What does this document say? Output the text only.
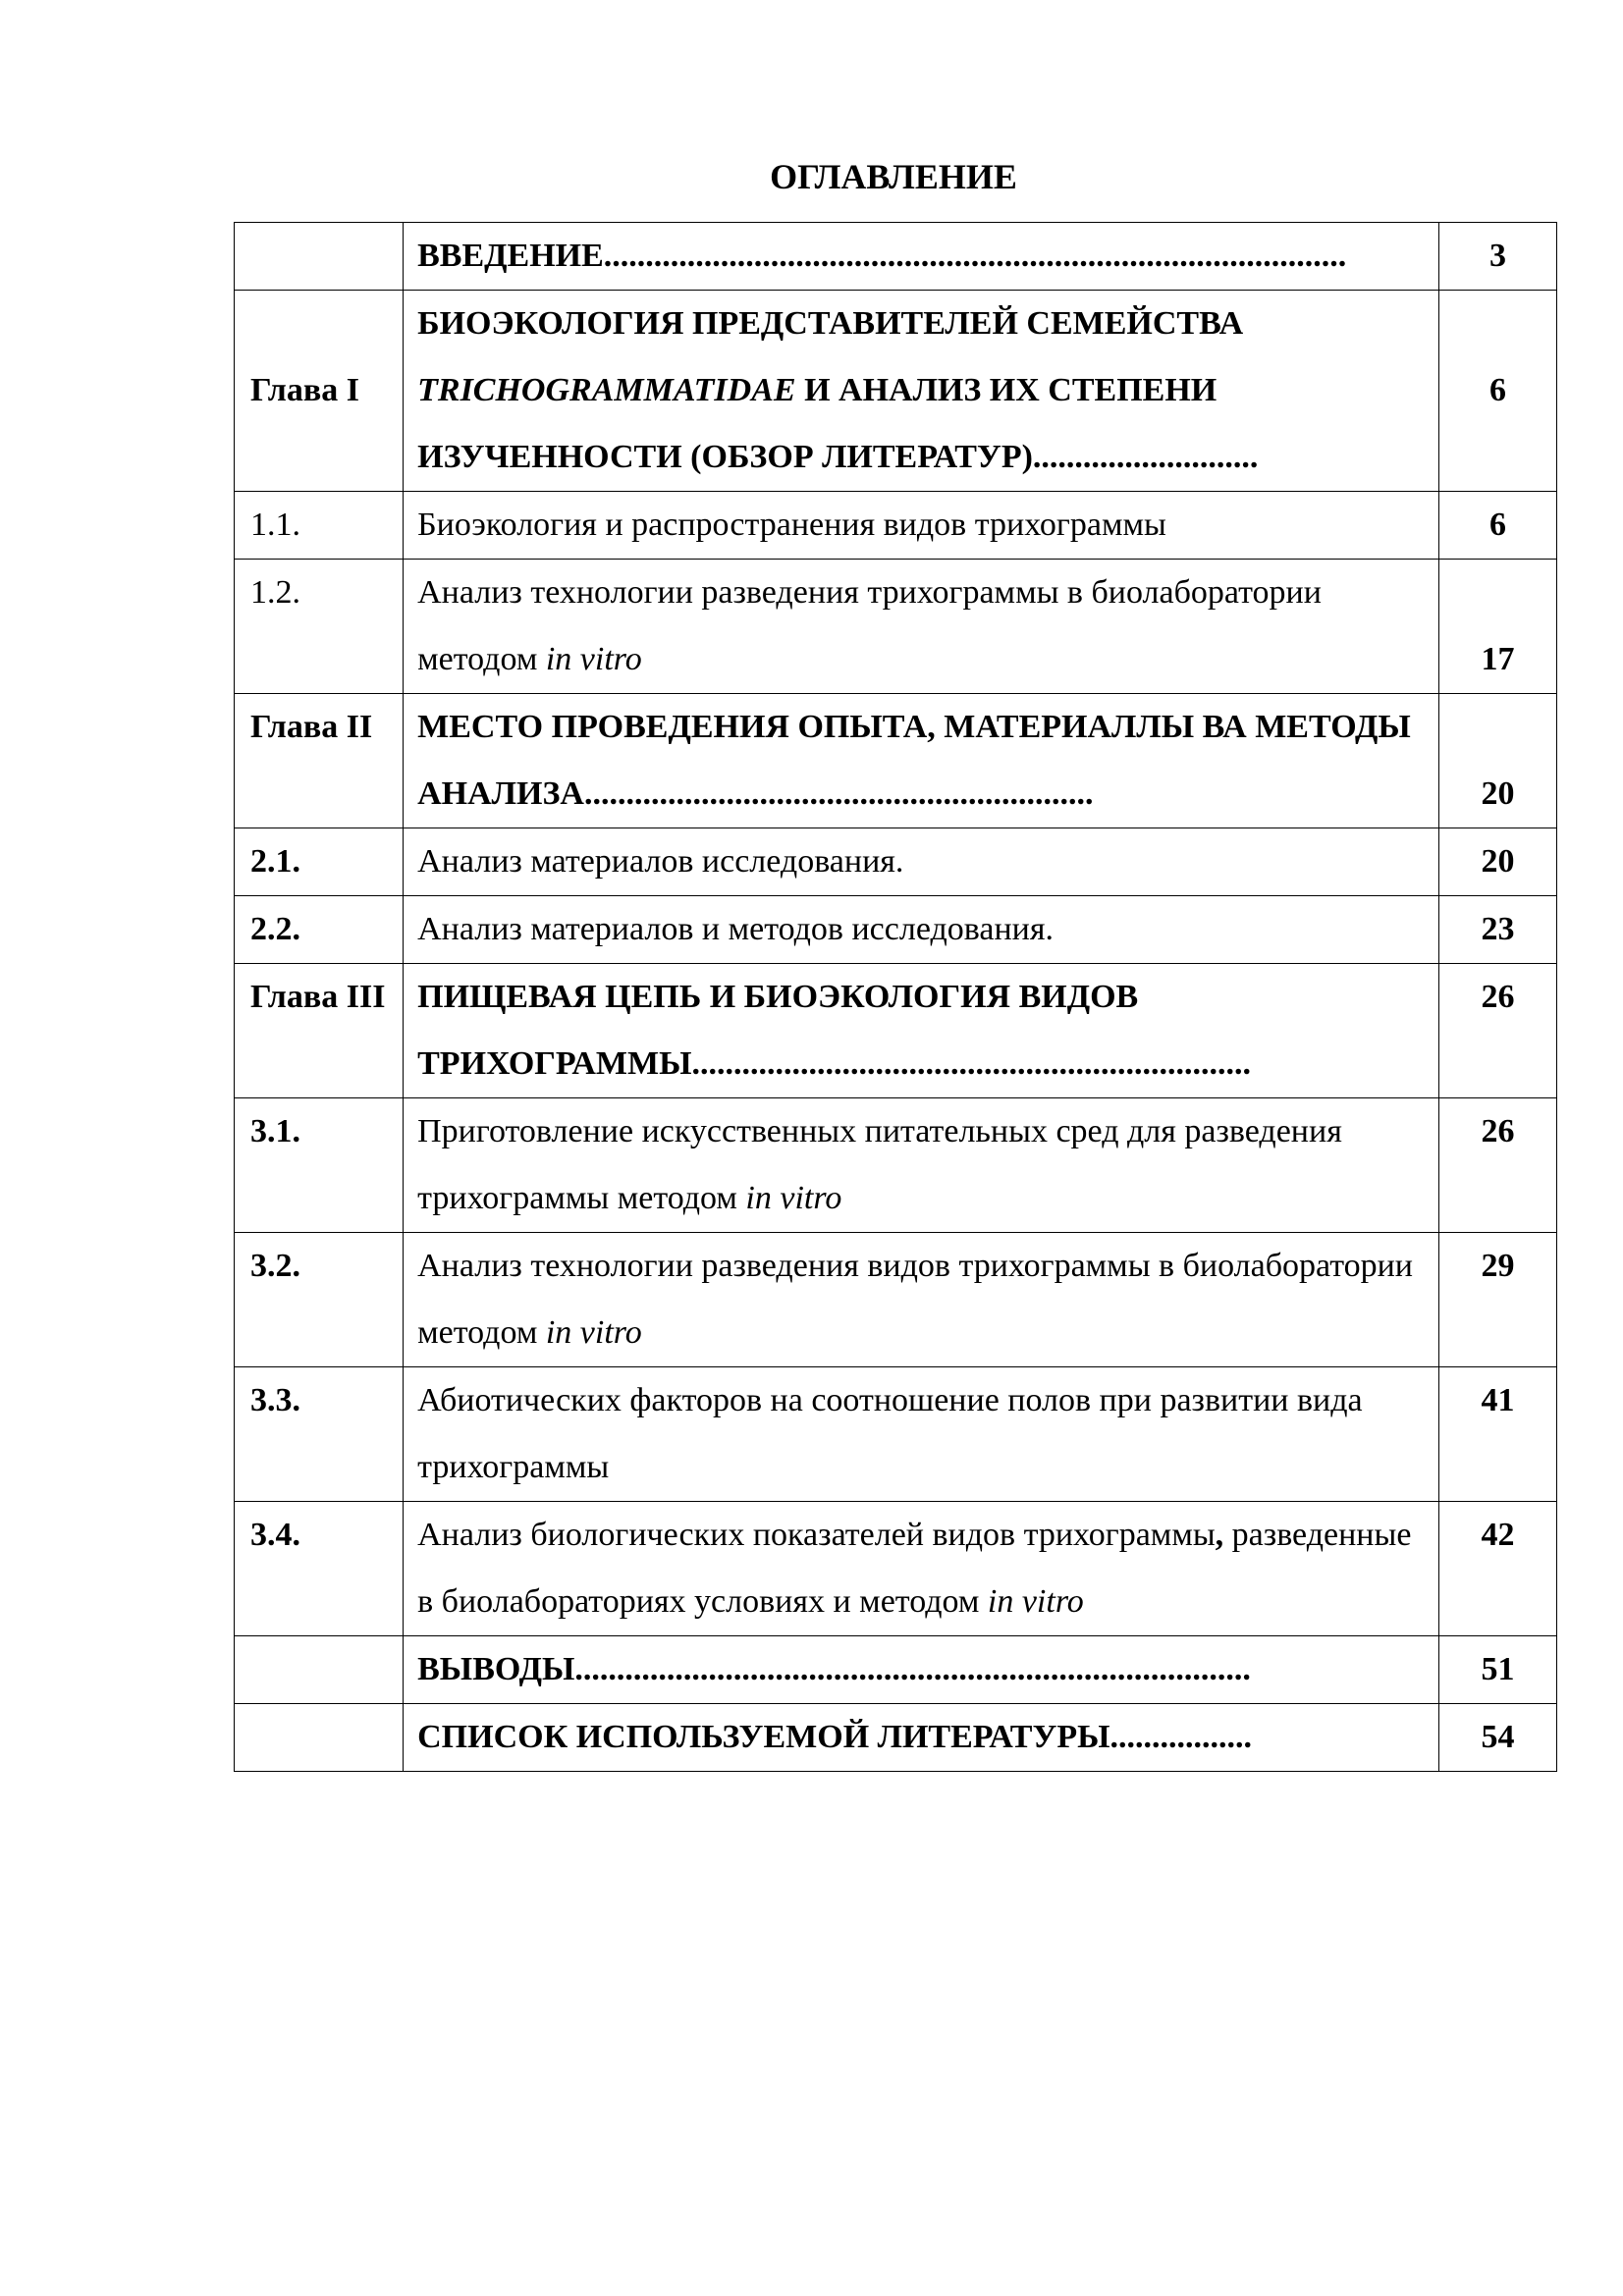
ОГЛАВЛЕНИЕ
	ВВЕДЕНИЕ.........................................................................................	3
Глава I	БИОЭКОЛОГИЯ ПРЕДСТАВИТЕЛЕЙ СЕМЕЙСТВА TRICHOGRAMMATIDAE И АНАЛИЗ ИХ СТЕПЕНИ ИЗУЧЕННОСТИ (ОБЗОР ЛИТЕРАТУР)...........................	6
1.1.	Биоэкология и распространения видов трихограммы	6
1.2.	Анализ технологии разведения трихограммы в биолаборатории методом in vitro	17
Глава II	МЕСТО ПРОВЕДЕНИЯ ОПЫТА, МАТЕРИАЛЛЫ ВА МЕТОДЫ АНАЛИЗА.............................................................	20
2.1.	Анализ материалов исследования.	20
2.2.	Анализ материалов и методов исследования.	23
Глава III	ПИЩЕВАЯ ЦЕПЬ И БИОЭКОЛОГИЯ ВИДОВ ТРИХОГРАММЫ...................................................................	26
3.1.	Приготовление искусственных питательных сред для разведения трихограммы методом in vitro	26
3.2.	Анализ технологии разведения видов трихограммы в биолаборатории методом in vitro	29
3.3.	Абиотических факторов на соотношение полов при развитии вида трихограммы	41
3.4.	Анализ биологических показателей видов трихограммы, разведенные в биолабораториях условиях и методом in vitro	42
	ВЫВОДЫ.................................................................................	51
	СПИСОК ИСПОЛЬЗУЕМОЙ ЛИТЕРАТУРЫ.................	54
